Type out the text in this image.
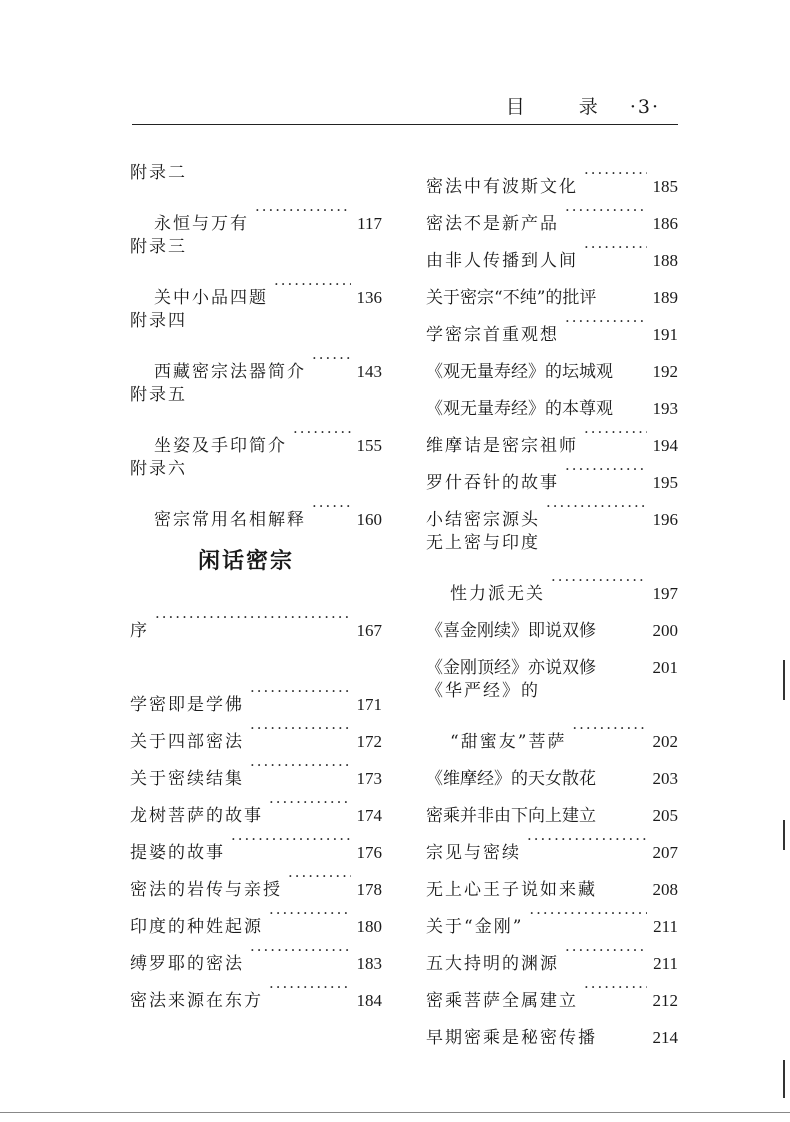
目 录 ·3·
附录二
永恒与万有 ·····	117
附录三
关中小品四题 ·····	136
附录四
西藏密宗法器简介 ·····	143
附录五
坐姿及手印简介 ·····	155
附录六
密宗常用名相解释 ·····	160
闲话密宗
序 ·····	167
学密即是学佛 ·····	171
关于四部密法 ·····	172
关于密续结集 ·····	173
龙树菩萨的故事 ·····	174
提婆的故事 ·····	176
密法的岩传与亲授 ·····	178
印度的种姓起源 ·····	180
缚罗耶的密法 ·····	183
密法来源在东方 ·····	184
密法中有波斯文化 ·····	185
密法不是新产品 ·····	186
由非人传播到人间 ·····	188
关于密宗“不纯”的批评	189
学密宗首重观想 ·····	191
《观无量寿经》的坛城观 192
《观无量寿经》的本尊观 193
维摩诘是密宗祖师 ·····	194
罗什吞针的故事 ·····	195
小结密宗源头 ·····	196
无上密与印度
性力派无关 ·····	197
《喜金刚续》即说双修	200
《金刚顶经》亦说双修	201
《华严经》的
“甜蜜友”菩萨 ·····	202
《维摩经》的天女散花	203
密乘并非由下向上建立	205
宗见与密续 ·····	207
无上心王子说如来藏	208
关于“金刚” ·····	211
五大持明的渊源 ·····	211
密乘菩萨全属建立 ·····	212
早期密乘是秘密传播	214
